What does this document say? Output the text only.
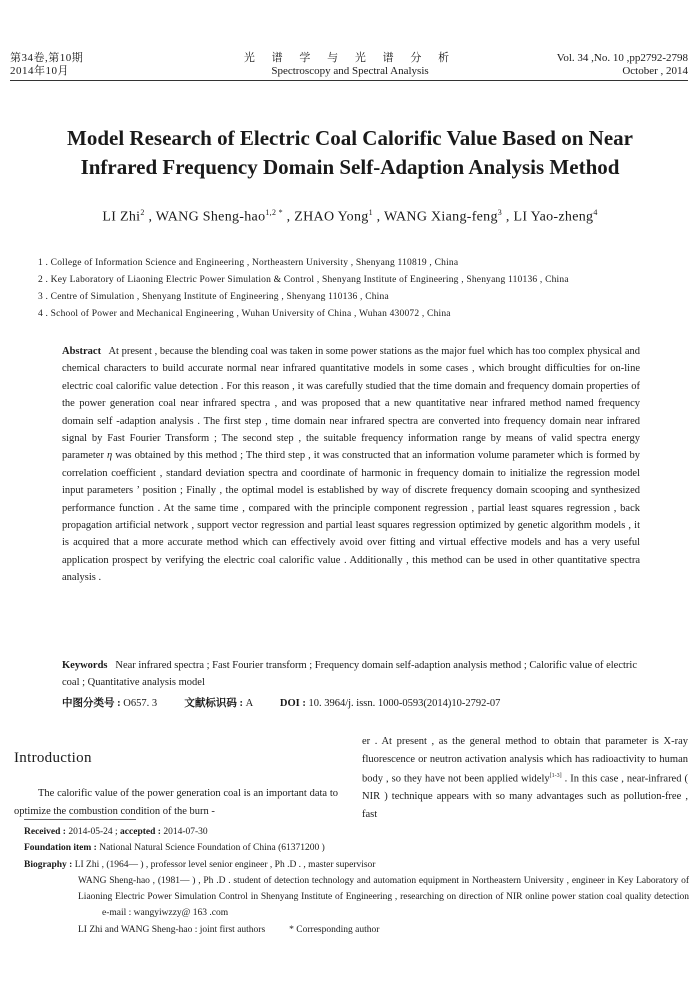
第34卷,第10期
2014年10月
光 谱 学 与 光 谱 分 析
Spectroscopy and Spectral Analysis
Vol. 34 ,No. 10 ,pp2792-2798
October , 2014
Model Research of Electric Coal Calorific Value Based on Near
Infrared Frequency Domain Self-Adaption Analysis Method
LI Zhi$^2$ , WANG Sheng-hao$^{1,2 *}$ , ZHAO Yong$^1$ , WANG Xiang-feng$^3$ , LI Yao-zheng$^4$
1 . College of Information Science and Engineering , Northeastern University , Shenyang 110819 , China
2 . Key Laboratory of Liaoning Electric Power Simulation & Control , Shenyang Institute of Engineering , Shenyang 110136 , China
3 . Centre of Simulation , Shenyang Institute of Engineering , Shenyang 110136 , China
4 . School of Power and Mechanical Engineering , Wuhan University of China , Wuhan 430072 , China
Abstract At present , because the blending coal was taken in some power stations as the major fuel which has too complex physical and chemical characters to build accurate normal near infrared quantitative models in some cases , which brought difficulties for on-line electric coal calorific value detection . For this reason , it was carefully studied that the time domain and frequency domain properties of the power generation coal near infrared spectra , and was proposed that a new quantitative near infrared method named frequency domain self -adaption analysis . The first step , time domain near infrared spectra are converted into frequency domain near infrared signal by Fast Fourier Transform ; The second step , the suitable frequency information range by means of valid spectra energy parameter η was obtained by this method ; The third step , it was constructed that an information volume parameter which is formed by correlation coefficient , standard deviation spectra and coordinate of harmonic in frequency domain to initialize the regression model input parameters ’ position ; Finally , the optimal model is established by way of discrete frequency domain scooping and synthesized performance function . At the same time , compared with the principle component regression , partial least squares regression , back propagation artificial network , support vector regression and partial least squares regression optimized by genetic algorithm models , it is acquired that a more accurate method which can effectively avoid over fitting and virtual effective models and has a very useful application prospect by verifying the electric coal calorific value . Additionally , this method can be used in other quantitative spectra analysis .
Keywords Near infrared spectra ; Fast Fourier transform ; Frequency domain self-adaption analysis method ; Calorific value of electric coal ; Quantitative analysis model
中图分类号 : O657. 3	文献标识码 : A	DOI : 10. 3964/j. issn. 1000-0593(2014)10-2792-07
Introduction
The calorific value of the power generation coal is an important data to optimize the combustion condition of the burn -
er . At present , as the general method to obtain that parameter is X-ray fluorescence or neutron activation analysis which has radioactivity to human body , so they have not been applied widely[1-3] . In this case , near-infrared ( NIR ) technique appears with so many advantages such as pollution-free , fast
Received : 2014-05-24 ; accepted : 2014-07-30
Foundation item : National Natural Science Foundation of China (61371200 )
Biography : LI Zhi , (1964— ) , professor level senior engineer , Ph .D . , master supervisor
WANG Sheng-hao , (1981— ) , Ph .D . student of detection technology and automation equipment in Northeastern University , engineer in Key Laboratory of Liaoning Electric Power Simulation Control in Shenyang Institute of Engineering , researching on direction of NIR online power station coal quality detectione-mail : wangyiwzzy@ 163 .com
LI Zhi and WANG Sheng-hao : joint first authors	* Corresponding author
